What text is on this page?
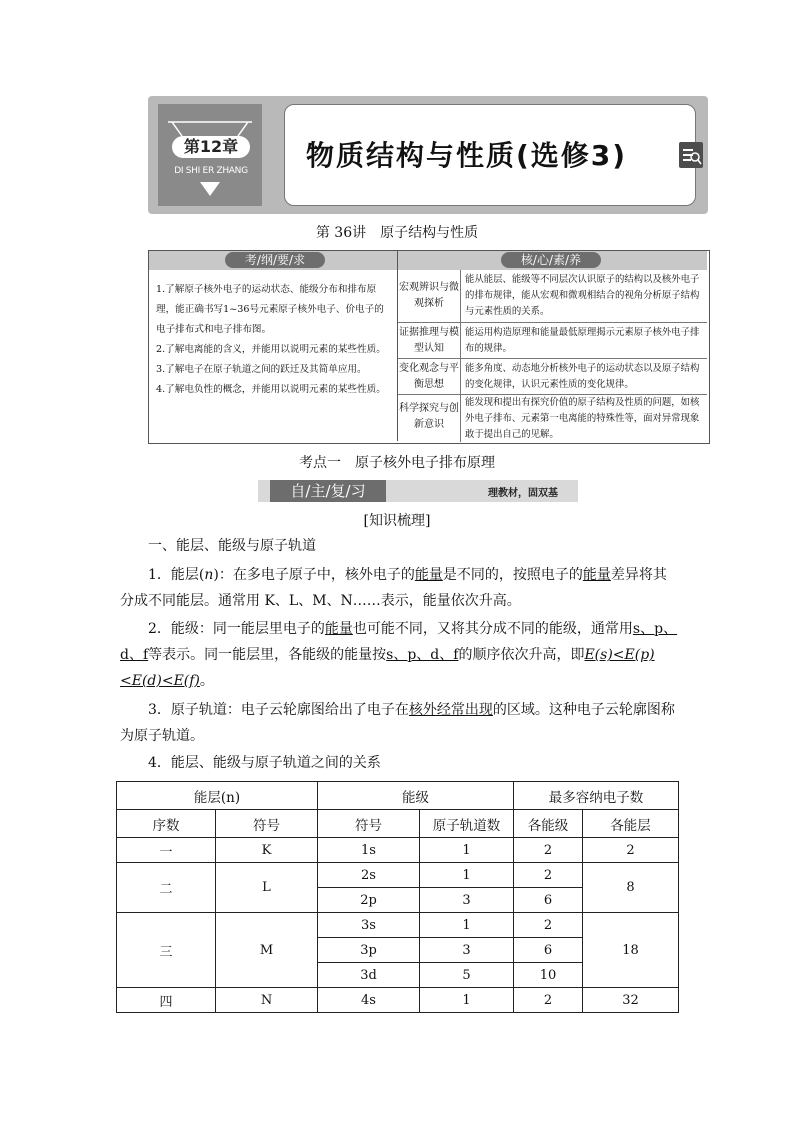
第12章
DI SHI ER ZHANG 物质结构与性质(选修3)
第 36讲　原子结构与性质
考/纲/要/求	核/心/素/养
1.了解原子核外电子的运动状态、能级分布和排布原理，能正确书写1~36号元素原子核外电子、价电子的电子排布式和电子排布图。
2.了解电离能的含义，并能用以说明元素的某些性质。
3.了解电子在原子轨道之间的跃迁及其简单应用。
4.了解电负性的概念，并能用以说明元素的某些性质。
宏观辨识与微观探析
能从能层、能级等不同层次认识原子的结构以及核外电子的排布规律，能从宏观和微观相结合的视角分析原子结构与元素性质的关系。
证据推理与模型认知
能运用构造原理和能量最低原理揭示元素原子核外电子排布的规律。
变化观念与平衡思想
能多角度、动态地分析核外电子的运动状态以及原子结构的变化规律，认识元素性质的变化规律。
科学探究与创新意识
能发现和提出有探究价值的原子结构及性质的问题，如核外电子排布、元素第一电离能的特殊性等，面对异常现象敢于提出自己的见解。
考点一　原子核外电子排布原理
自/主/复/习	理教材，固双基
[知识梳理]
一、能层、能级与原子轨道
1．能层(n)：在多电子原子中，核外电子的能量是不同的，按照电子的能量差异将其分成不同能层。通常用 K、L、M、N……表示，能量依次升高。
2．能级：同一能层里电子的能量也可能不同，又将其分成不同的能级，通常用s、p、d、f等表示。同一能层里，各能级的能量按s、p、d、f的顺序依次升高，即E(s)<E(p)<E(d)<E(f)。
3．原子轨道：电子云轮廓图给出了电子在核外经常出现的区域。这种电子云轮廓图称为原子轨道。
4．能层、能级与原子轨道之间的关系
能层(n)		能级		最多容纳电子数	
序数	符号	符号	原子轨道数	各能级	各能层
一	K	1s	1	2	2
二	L	2s	1	2	8
		2p	3	6	
三	M	3s	1	2	18
		3p	3	6	
		3d	5	10	
四	N	4s	1	2	32
